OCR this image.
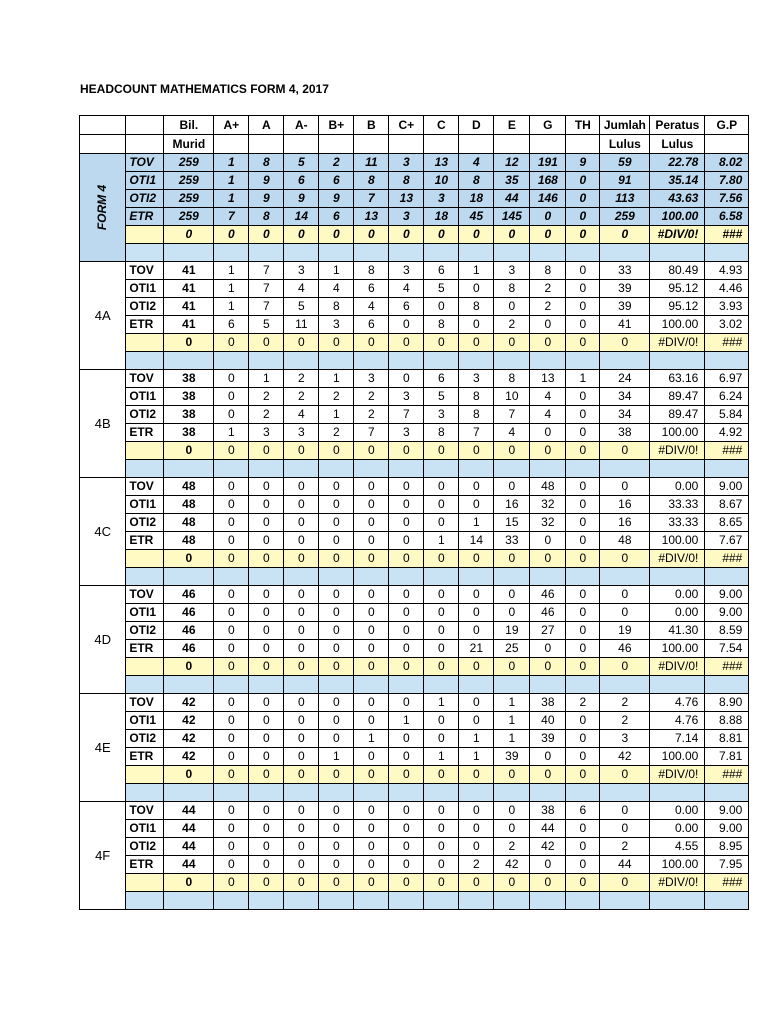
HEADCOUNT MATHEMATICS FORM 4, 2017
		Bil.	A+	A	A-	B+	B	C+	C	D	E	G	TH	Jumlah	Peratus	G.P
		Murid												Lulus	Lulus	
FORM 4	TOV	259	1	8	5	2	11	3	13	4	12	191	9	59	22.78	8.02
	OTI1	259	1	9	6	6	8	8	10	8	35	168	0	91	35.14	7.80
	OTI2	259	1	9	9	9	7	13	3	18	44	146	0	113	43.63	7.56
	ETR	259	7	8	14	6	13	3	18	45	145	0	0	259	100.00	6.58
		0	0	0	0	0	0	0	0	0	0	0	0	0	#DIV/0!	###

4A	TOV	41	1	7	3	1	8	3	6	1	3	8	0	33	80.49	4.93
	OTI1	41	1	7	4	4	6	4	5	0	8	2	0	39	95.12	4.46
	OTI2	41	1	7	5	8	4	6	0	8	0	2	0	39	95.12	3.93
	ETR	41	6	5	11	3	6	0	8	0	2	0	0	41	100.00	3.02
		0	0	0	0	0	0	0	0	0	0	0	0	0	#DIV/0!	###

4B	TOV	38	0	1	2	1	3	0	6	3	8	13	1	24	63.16	6.97
	OTI1	38	0	2	2	2	2	3	5	8	10	4	0	34	89.47	6.24
	OTI2	38	0	2	4	1	2	7	3	8	7	4	0	34	89.47	5.84
	ETR	38	1	3	3	2	7	3	8	7	4	0	0	38	100.00	4.92
		0	0	0	0	0	0	0	0	0	0	0	0	0	#DIV/0!	###

4C	TOV	48	0	0	0	0	0	0	0	0	0	48	0	0	0.00	9.00
	OTI1	48	0	0	0	0	0	0	0	0	16	32	0	16	33.33	8.67
	OTI2	48	0	0	0	0	0	0	0	1	15	32	0	16	33.33	8.65
	ETR	48	0	0	0	0	0	0	1	14	33	0	0	48	100.00	7.67
		0	0	0	0	0	0	0	0	0	0	0	0	0	#DIV/0!	###

4D	TOV	46	0	0	0	0	0	0	0	0	0	46	0	0	0.00	9.00
	OTI1	46	0	0	0	0	0	0	0	0	0	46	0	0	0.00	9.00
	OTI2	46	0	0	0	0	0	0	0	0	19	27	0	19	41.30	8.59
	ETR	46	0	0	0	0	0	0	0	21	25	0	0	46	100.00	7.54
		0	0	0	0	0	0	0	0	0	0	0	0	0	#DIV/0!	###

4E	TOV	42	0	0	0	0	0	0	1	0	1	38	2	2	4.76	8.90
	OTI1	42	0	0	0	0	0	1	0	0	1	40	0	2	4.76	8.88
	OTI2	42	0	0	0	0	1	0	0	1	1	39	0	3	7.14	8.81
	ETR	42	0	0	0	1	0	0	1	1	39	0	0	42	100.00	7.81
		0	0	0	0	0	0	0	0	0	0	0	0	0	#DIV/0!	###

4F	TOV	44	0	0	0	0	0	0	0	0	0	38	6	0	0.00	9.00
	OTI1	44	0	0	0	0	0	0	0	0	0	44	0	0	0.00	9.00
	OTI2	44	0	0	0	0	0	0	0	0	2	42	0	2	4.55	8.95
	ETR	44	0	0	0	0	0	0	0	2	42	0	0	44	100.00	7.95
		0	0	0	0	0	0	0	0	0	0	0	0	0	#DIV/0!	###
